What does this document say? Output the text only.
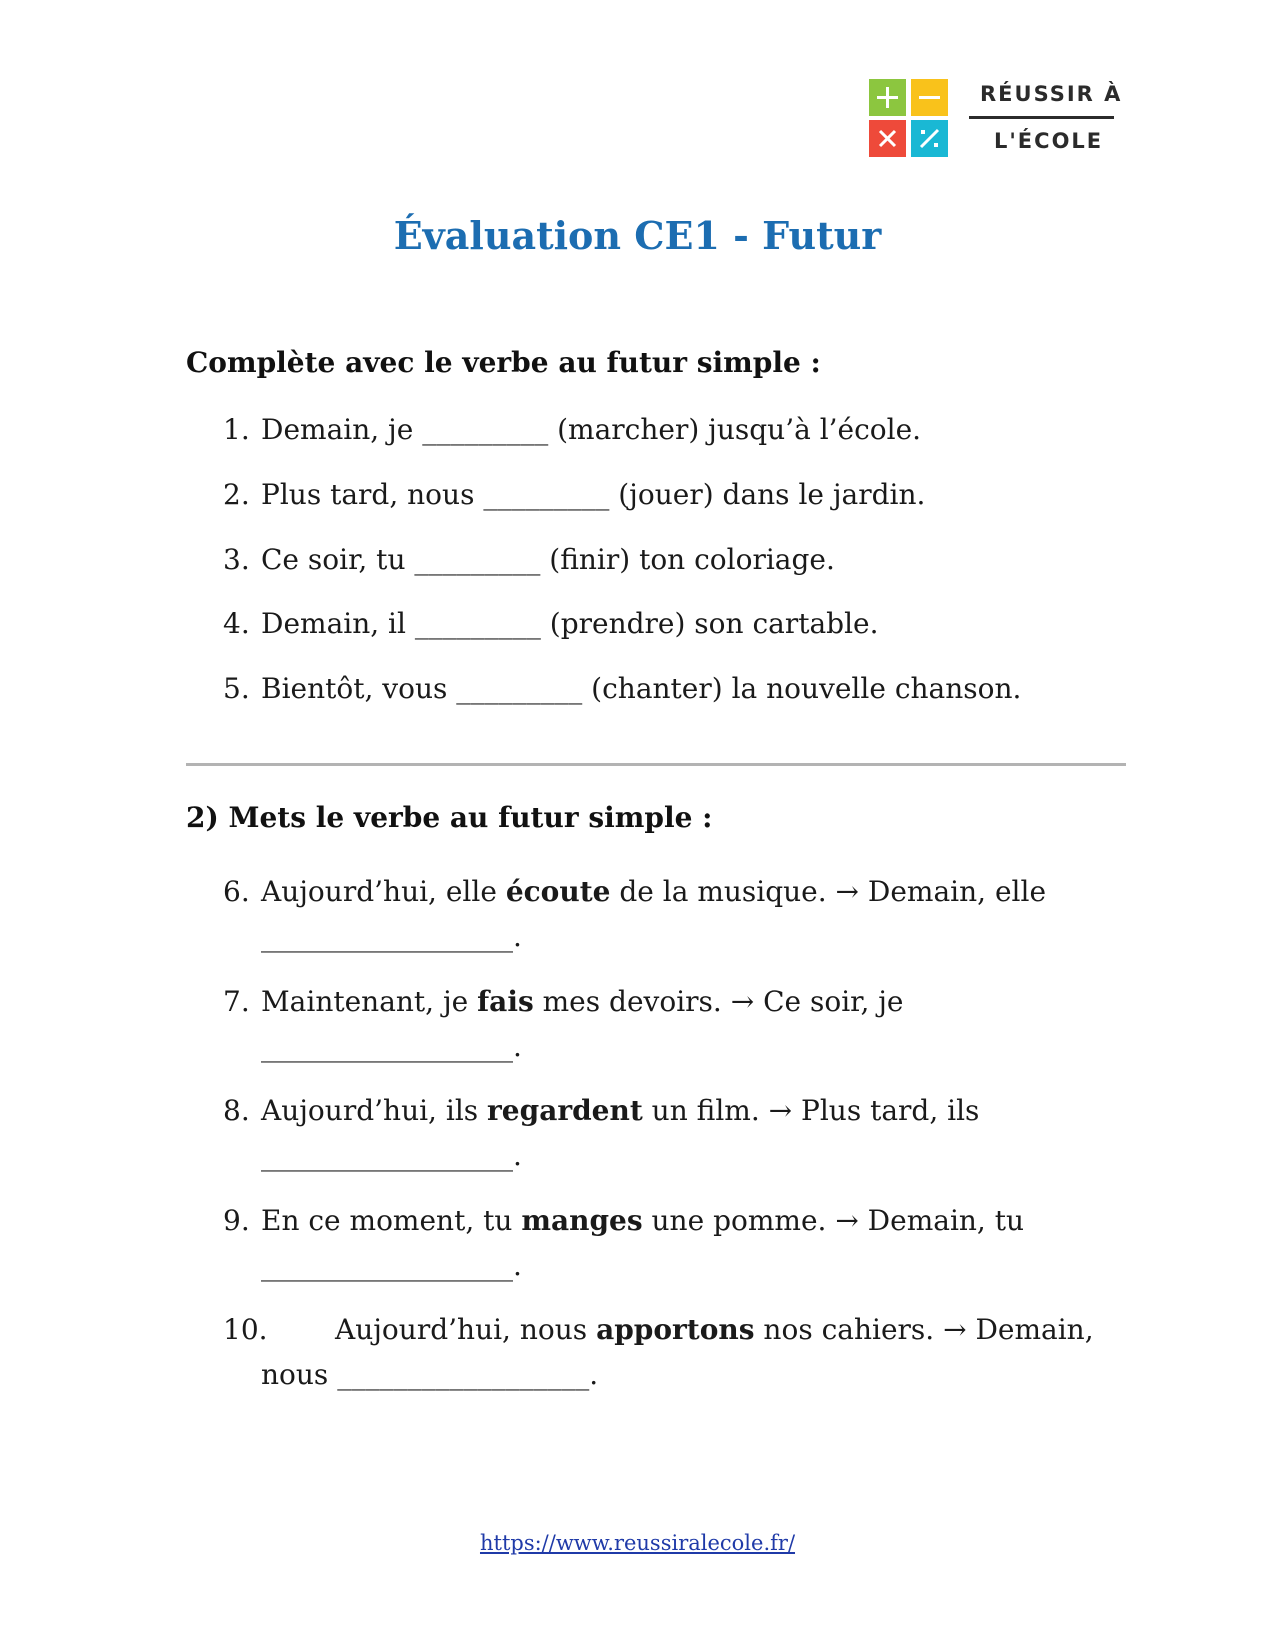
RÉUSSIR À
L'ÉCOLE
Évaluation CE1 - Futur
Complète avec le verbe au futur simple :
1. Demain, je _________ (marcher) jusqu’à l’école.
2. Plus tard, nous _________ (jouer) dans le jardin.
3. Ce soir, tu _________ (finir) ton coloriage.
4. Demain, il _________ (prendre) son cartable.
5. Bientôt, vous _________ (chanter) la nouvelle chanson.
2) Mets le verbe au futur simple :
6. Aujourd’hui, elle écoute de la musique. → Demain, elle
__________________.
7. Maintenant, je fais mes devoirs. → Ce soir, je
__________________.
8. Aujourd’hui, ils regardent un film. → Plus tard, ils
__________________.
9. En ce moment, tu manges une pomme. → Demain, tu
__________________.
10. Aujourd’hui, nous apportons nos cahiers. → Demain,
nous __________________.
https://www.reussiralecole.fr/
